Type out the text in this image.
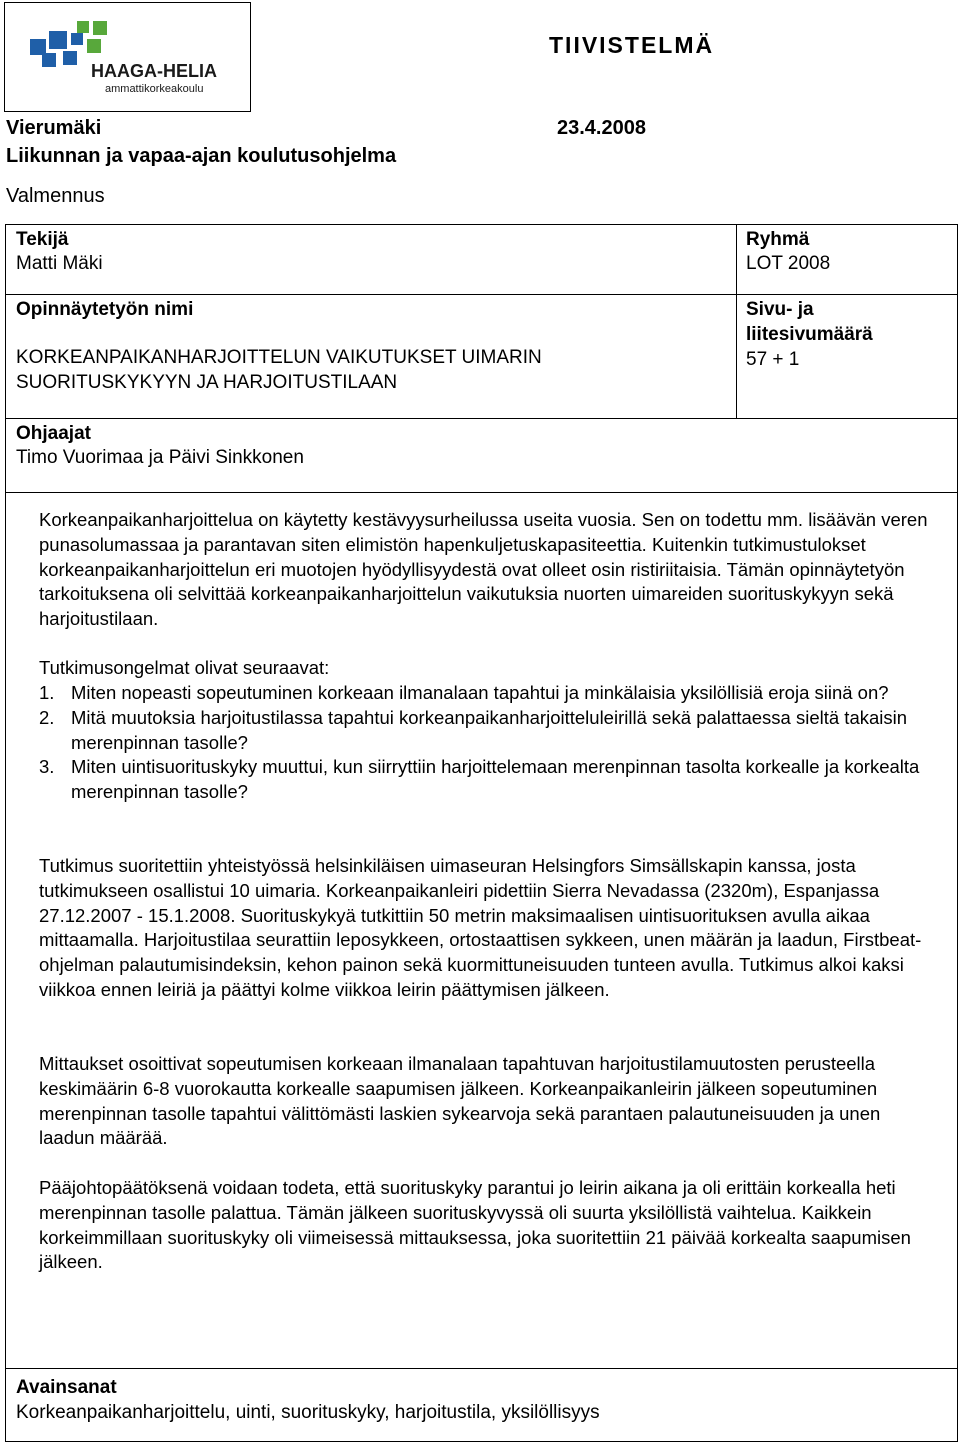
HAAGA-HELIA
ammattikorkeakoulu
TIIVISTELMÄ
Vierumäki	23.4.2008
Liikunnan ja vapaa-ajan koulutusohjelma
Valmennus
Tekijä
Matti Mäki
Ryhmä
LOT 2008
Opinnäytetyön nimi
KORKEANPAIKANHARJOITTELUN VAIKUTUKSET UIMARIN
SUORITUSKYKYYN JA HARJOITUSTILAAN
Sivu- ja
liitesivumäärä
57 + 1
Ohjaajat
Timo Vuorimaa ja Päivi Sinkkonen
Korkeanpaikanharjoittelua on käytetty kestävyysurheilussa useita vuosia. Sen on todettu mm. lisäävän veren punasolumassaa ja parantavan siten elimistön hapenkuljetuskapasiteettia. Kuitenkin tutkimustulokset korkeanpaikanharjoittelun eri muotojen hyödyllisyydestä ovat olleet osin ristiriitaisia. Tämän opinnäytetyön tarkoituksena oli selvittää korkeanpaikanharjoittelun vaikutuksia nuorten uimareiden suorituskykyyn sekä harjoitustilaan.
Tutkimusongelmat olivat seuraavat:
1. Miten nopeasti sopeutuminen korkeaan ilmanalaan tapahtui ja minkälaisia yksilöllisiä eroja siinä on?
2. Mitä muutoksia harjoitustilassa tapahtui korkeanpaikanharjoitteluleirillä sekä palattaessa sieltä takaisin merenpinnan tasolle?
3. Miten uintisuorituskyky muuttui, kun siirryttiin harjoittelemaan merenpinnan tasolta korkealle ja korkealta merenpinnan tasolle?
Tutkimus suoritettiin yhteistyössä helsinkiläisen uimaseuran Helsingfors Simsällskapin kanssa, josta tutkimukseen osallistui 10 uimaria. Korkeanpaikanleiri pidettiin Sierra Nevadassa (2320m), Espanjassa 27.12.2007 - 15.1.2008. Suorituskykyä tutkittiin 50 metrin maksimaalisen uintisuorituksen avulla aikaa mittaamalla. Harjoitustilaa seurattiin leposykkeen, ortostaattisen sykkeen, unen määrän ja laadun, Firstbeat- ohjelman palautumisindeksin, kehon painon sekä kuormittuneisuuden tunteen avulla. Tutkimus alkoi kaksi viikkoa ennen leiriä ja päättyi kolme viikkoa leirin päättymisen jälkeen.
Mittaukset osoittivat sopeutumisen korkeaan ilmanalaan tapahtuvan harjoitustilamuutosten perusteella keskimäärin 6-8 vuorokautta korkealle saapumisen jälkeen. Korkeanpaikanleirin jälkeen sopeutuminen merenpinnan tasolle tapahtui välittömästi laskien sykearvoja sekä parantaen palautuneisuuden ja unen laadun määrää.
Pääjohtopäätöksenä voidaan todeta, että suorituskyky parantui jo leirin aikana ja oli erittäin korkealla heti merenpinnan tasolle palattua. Tämän jälkeen suorituskyvyssä oli suurta yksilöllistä vaihtelua. Kaikkein korkeimmillaan suorituskyky oli viimeisessä mittauksessa, joka suoritettiin 21 päivää korkealta saapumisen jälkeen.
Avainsanat
Korkeanpaikanharjoittelu, uinti, suorituskyky, harjoitustila, yksilöllisyys
